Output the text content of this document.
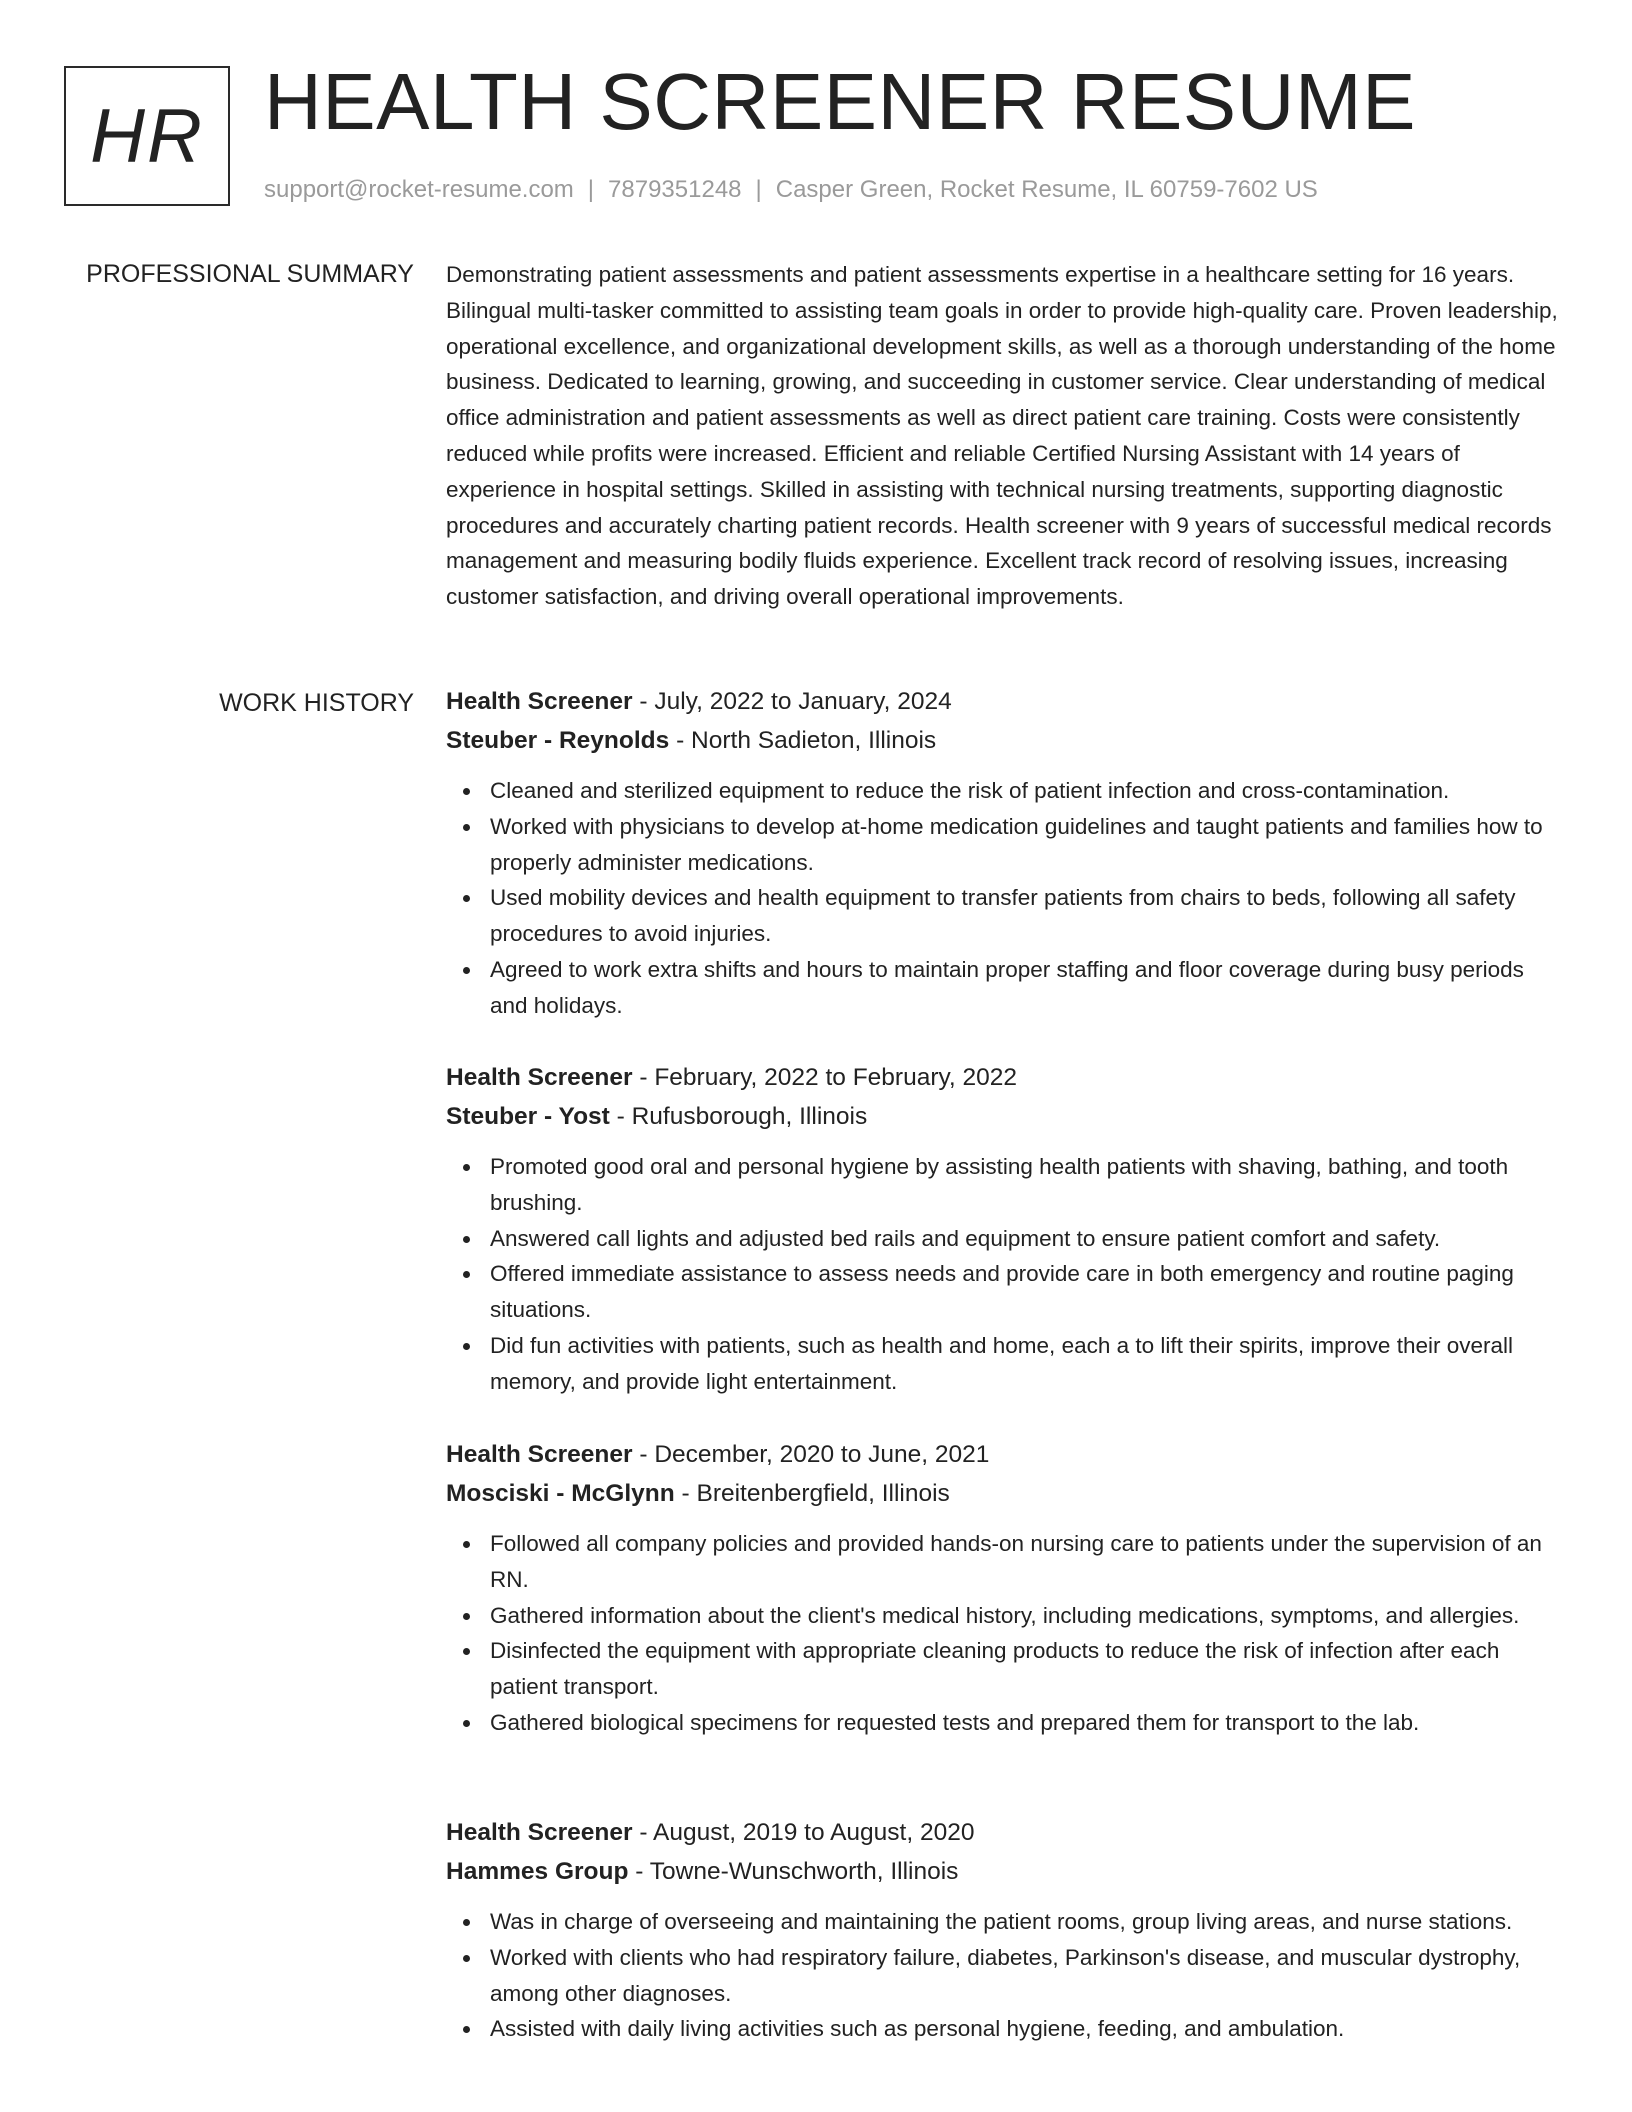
HR HEALTH SCREENER RESUME
support@rocket-resume.com | 7879351248 | Casper Green, Rocket Resume, IL 60759-7602 US
PROFESSIONAL SUMMARY Demonstrating patient assessments and patient assessments expertise in a healthcare setting for 16 years. Bilingual multi-tasker committed to assisting team goals in order to provide high-quality care. Proven leadership, operational excellence, and organizational development skills, as well as a thorough understanding of the home business. Dedicated to learning, growing, and succeeding in customer service. Clear understanding of medical office administration and patient assessments as well as direct patient care training. Costs were consistently reduced while profits were increased. Efficient and reliable Certified Nursing Assistant with 14 years of experience in hospital settings. Skilled in assisting with technical nursing treatments, supporting diagnostic procedures and accurately charting patient records. Health screener with 9 years of successful medical records management and measuring bodily fluids experience. Excellent track record of resolving issues, increasing customer satisfaction, and driving overall operational improvements.

WORK HISTORY Health Screener - July, 2022 to January, 2024
Steuber - Reynolds - North Sadieton, Illinois
Cleaned and sterilized equipment to reduce the risk of patient infection and cross-contamination.
Worked with physicians to develop at-home medication guidelines and taught patients and families how to properly administer medications.
Used mobility devices and health equipment to transfer patients from chairs to beds, following all safety procedures to avoid injuries.
Agreed to work extra shifts and hours to maintain proper staffing and floor coverage during busy periods and holidays.
Health Screener - February, 2022 to February, 2022
Steuber - Yost - Rufusborough, Illinois
Promoted good oral and personal hygiene by assisting health patients with shaving, bathing, and tooth brushing.
Answered call lights and adjusted bed rails and equipment to ensure patient comfort and safety.
Offered immediate assistance to assess needs and provide care in both emergency and routine paging situations.
Did fun activities with patients, such as health and home, each a to lift their spirits, improve their overall memory, and provide light entertainment.
Health Screener - December, 2020 to June, 2021
Mosciski - McGlynn - Breitenbergfield, Illinois
Followed all company policies and provided hands-on nursing care to patients under the supervision of an RN.
Gathered information about the client's medical history, including medications, symptoms, and allergies.
Disinfected the equipment with appropriate cleaning products to reduce the risk of infection after each patient transport.
Gathered biological specimens for requested tests and prepared them for transport to the lab.
Health Screener - August, 2019 to August, 2020
Hammes Group - Towne-Wunschworth, Illinois
Was in charge of overseeing and maintaining the patient rooms, group living areas, and nurse stations.
Worked with clients who had respiratory failure, diabetes, Parkinson's disease, and muscular dystrophy, among other diagnoses.
Assisted with daily living activities such as personal hygiene, feeding, and ambulation.
